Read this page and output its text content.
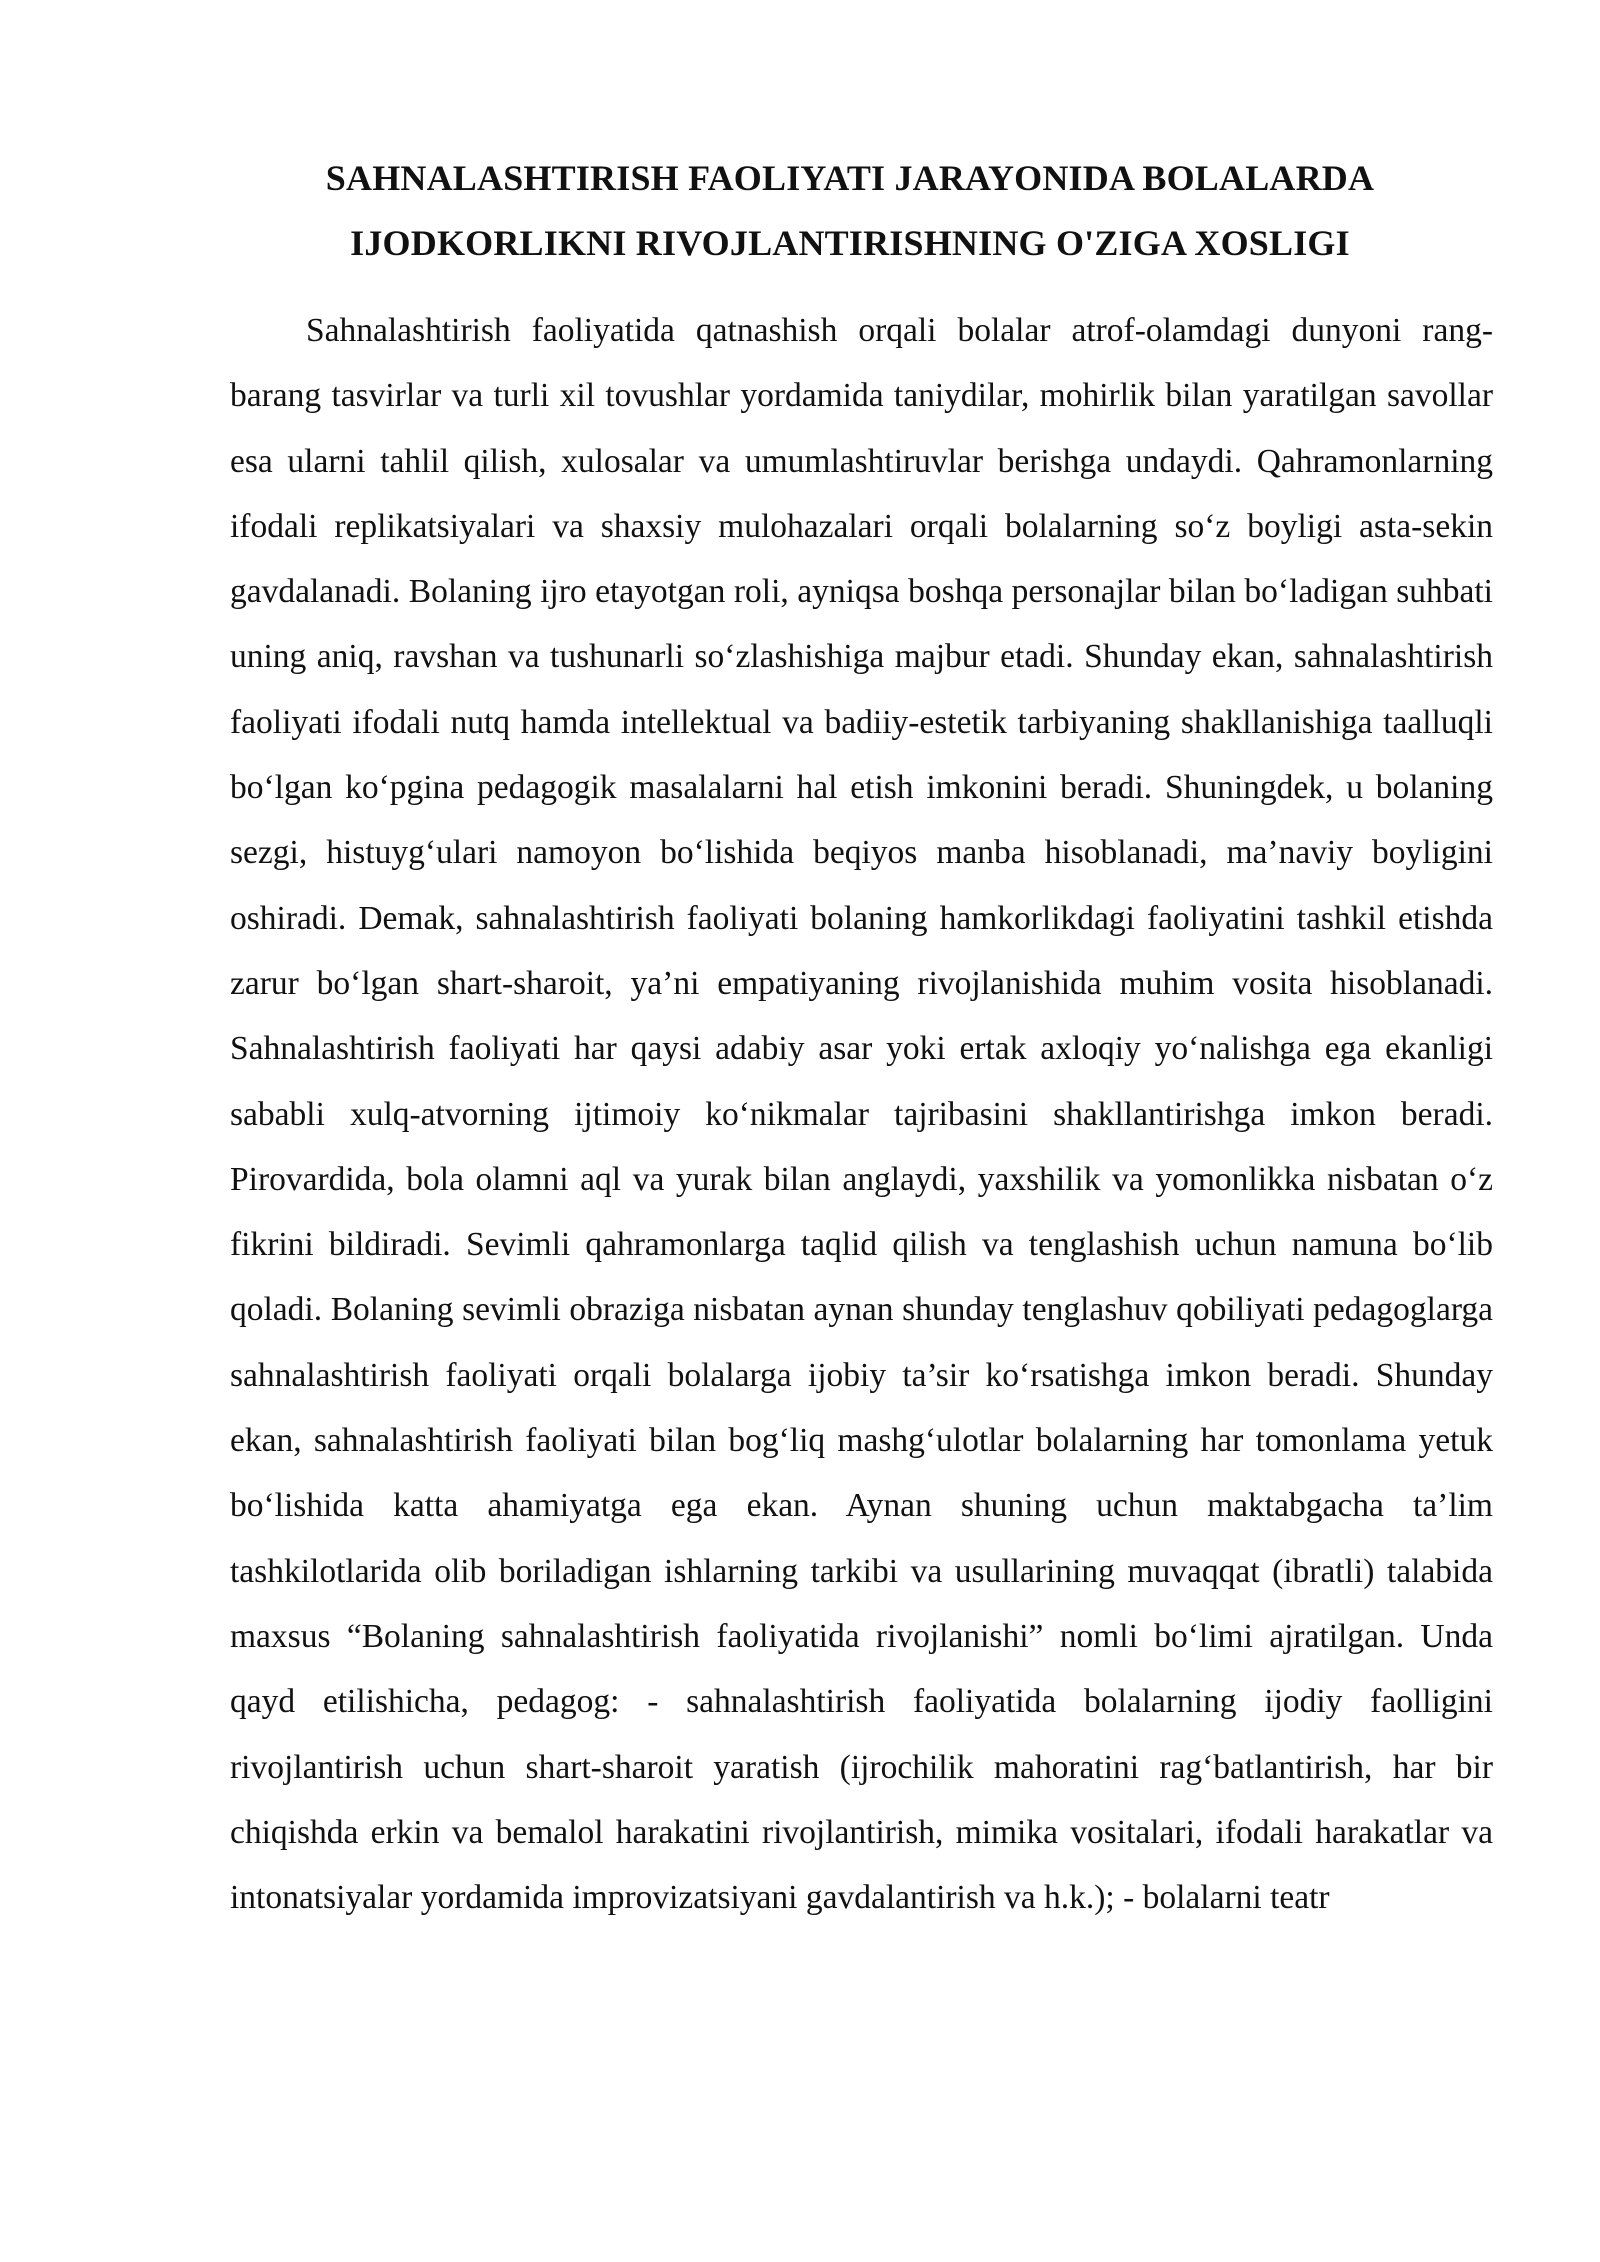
SAHNALASHTIRISH FAOLIYATI JARAYONIDA BOLALARDA
IJODKORLIKNI RIVOJLANTIRISHNING O'ZIGA XOSLIGI

Sahnalashtirish faoliyatida qatnashish orqali bolalar atrof-olamdagi dunyoni rang-barang tasvirlar va turli xil tovushlar yordamida taniydilar, mohirlik bilan yaratilgan savollar esa ularni tahlil qilish, xulosalar va umumlashtiruvlar berishga undaydi. Qahramonlarning ifodali replikatsiyalari va shaxsiy mulohazalari orqali bolalarning so‘z boyligi asta-sekin gavdalanadi. Bolaning ijro etayotgan roli, ayniqsa boshqa personajlar bilan bo‘ladigan suhbati uning aniq, ravshan va tushunarli so‘zlashishiga majbur etadi. Shunday ekan, sahnalashtirish faoliyati ifodali nutq hamda intellektual va badiiy-estetik tarbiyaning shakllanishiga taalluqli bo‘lgan ko‘pgina pedagogik masalalarni hal etish imkonini beradi. Shuningdek, u bolaning sezgi, histuyg‘ulari namoyon bo‘lishida beqiyos manba hisoblanadi, ma’naviy boyligini oshiradi. Demak, sahnalashtirish faoliyati bolaning hamkorlikdagi faoliyatini tashkil etishda zarur bo‘lgan shart-sharoit, ya’ni empatiyaning rivojlanishida muhim vosita hisoblanadi. Sahnalashtirish faoliyati har qaysi adabiy asar yoki ertak axloqiy yo‘nalishga ega ekanligi sababli xulq-atvorning ijtimoiy ko‘nikmalar tajribasini shakllantirishga imkon beradi. Pirovardida, bola olamni aql va yurak bilan anglaydi, yaxshilik va yomonlikka nisbatan o‘z fikrini bildiradi. Sevimli qahramonlarga taqlid qilish va tenglashish uchun namuna bo‘lib qoladi. Bolaning sevimli obraziga nisbatan aynan shunday tenglashuv qobiliyati pedagoglarga sahnalashtirish faoliyati orqali bolalarga ijobiy ta’sir ko‘rsatishga imkon beradi. Shunday ekan, sahnalashtirish faoliyati bilan bog‘liq mashg‘ulotlar bolalarning har tomonlama yetuk bo‘lishida katta ahamiyatga ega ekan. Aynan shuning uchun maktabgacha ta’lim tashkilotlarida olib boriladigan ishlarning tarkibi va usullarining muvaqqat (ibratli) talabida maxsus “Bolaning sahnalashtirish faoliyatida rivojlanishi” nomli bo‘limi ajratilgan. Unda qayd etilishicha, pedagog: - sahnalashtirish faoliyatida bolalarning ijodiy faolligini rivojlantirish uchun shart-sharoit yaratish (ijrochilik mahoratini rag‘batlantirish, har bir chiqishda erkin va bemalol harakatini rivojlantirish, mimika vositalari, ifodali harakatlar va intonatsiyalar yordamida improvizatsiyani gavdalantirish va h.k.); - bolalarni teatr
